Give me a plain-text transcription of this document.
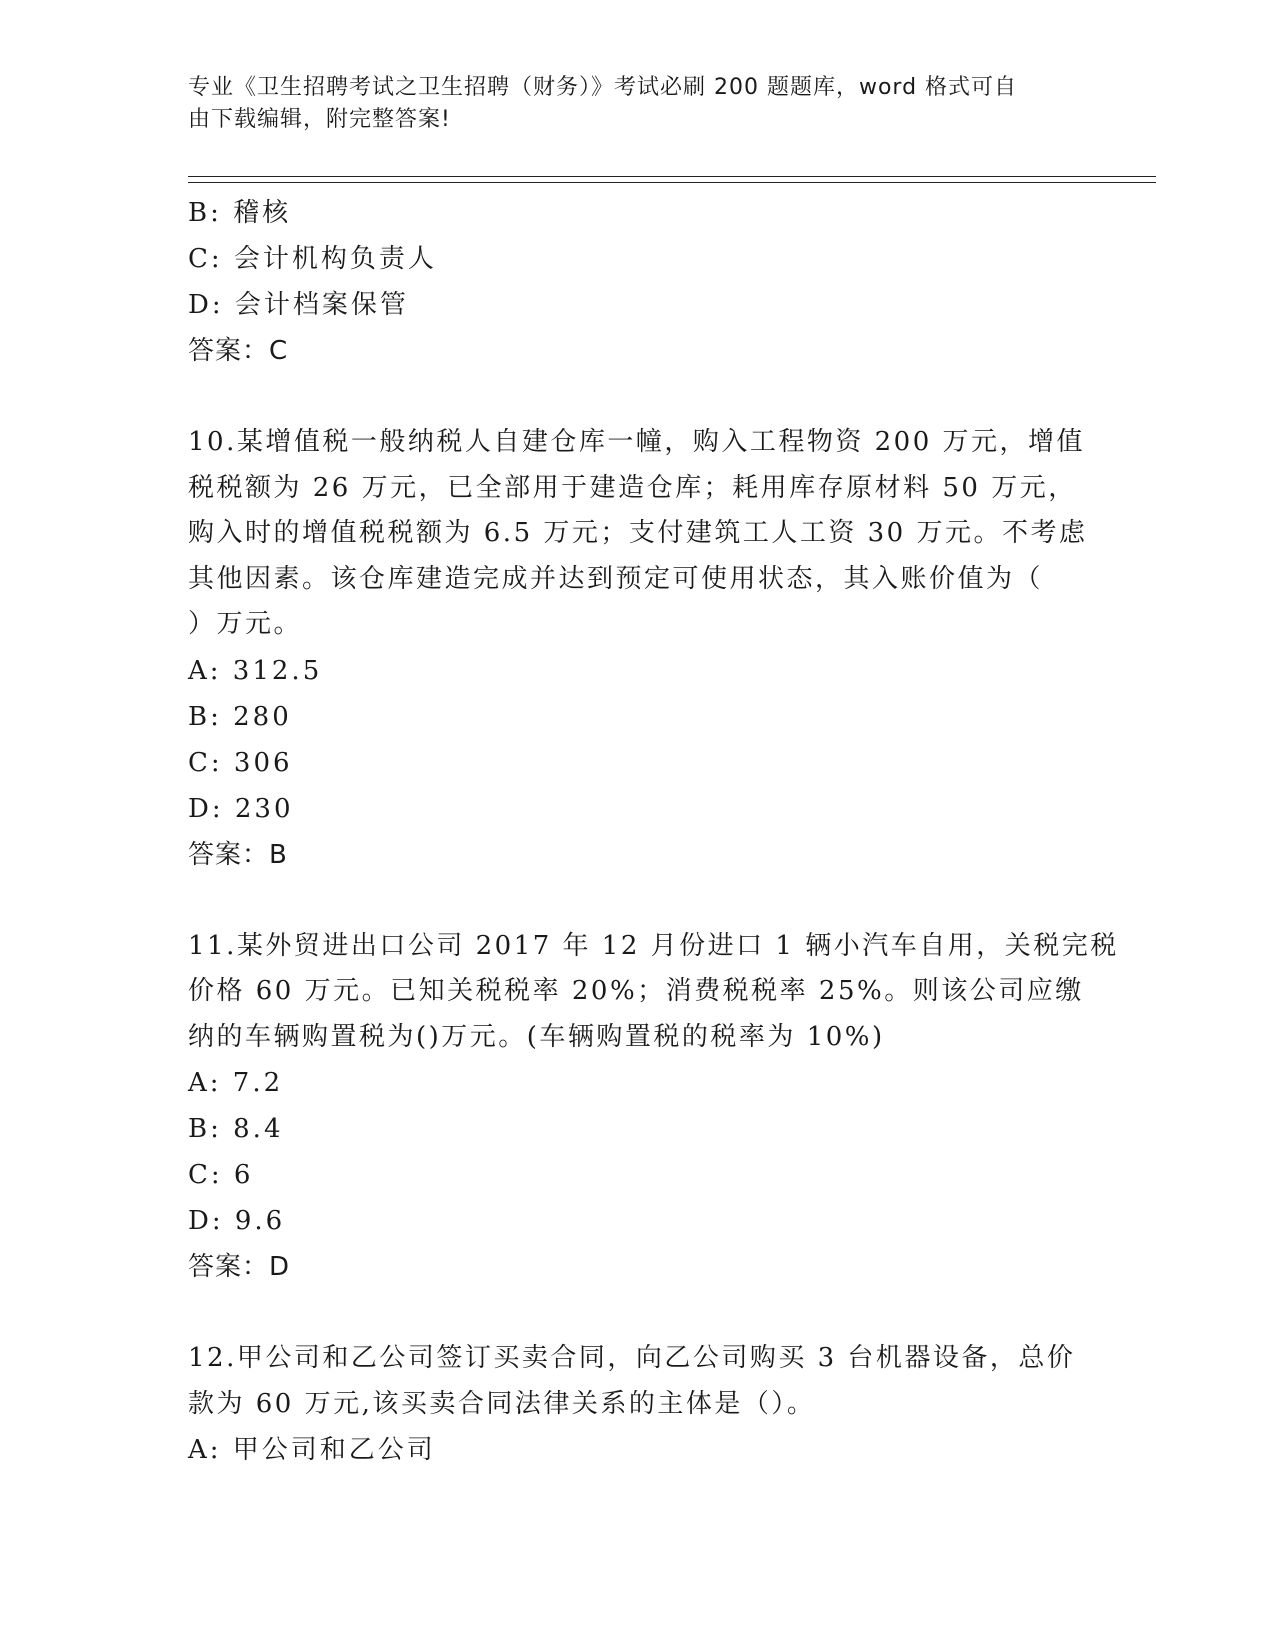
专业《卫生招聘考试之卫生招聘（财务）》考试必刷 200 题题库，word 格式可自
由下载编辑，附完整答案!
B: 稽核
C: 会计机构负责人
D: 会计档案保管
答案：C
10.某增值税一般纳税人自建仓库一幢，购入工程物资 200 万元，增值
税税额为 26 万元，已全部用于建造仓库；耗用库存原材料 50 万元，
购入时的增值税税额为 6.5 万元；支付建筑工人工资 30 万元。不考虑
其他因素。该仓库建造完成并达到预定可使用状态，其入账价值为（
）万元。
A: 312.5
B: 280
C: 306
D: 230
答案：B
11.某外贸进出口公司 2017 年 12 月份进口 1 辆小汽车自用，关税完税
价格 60 万元。已知关税税率 20%；消费税税率 25%。则该公司应缴
纳的车辆购置税为()万元。(车辆购置税的税率为 10%)
A: 7.2
B: 8.4
C: 6
D: 9.6
答案：D
12.甲公司和乙公司签订买卖合同，向乙公司购买 3 台机器设备，总价
款为 60 万元,该买卖合同法律关系的主体是（）。
A: 甲公司和乙公司
